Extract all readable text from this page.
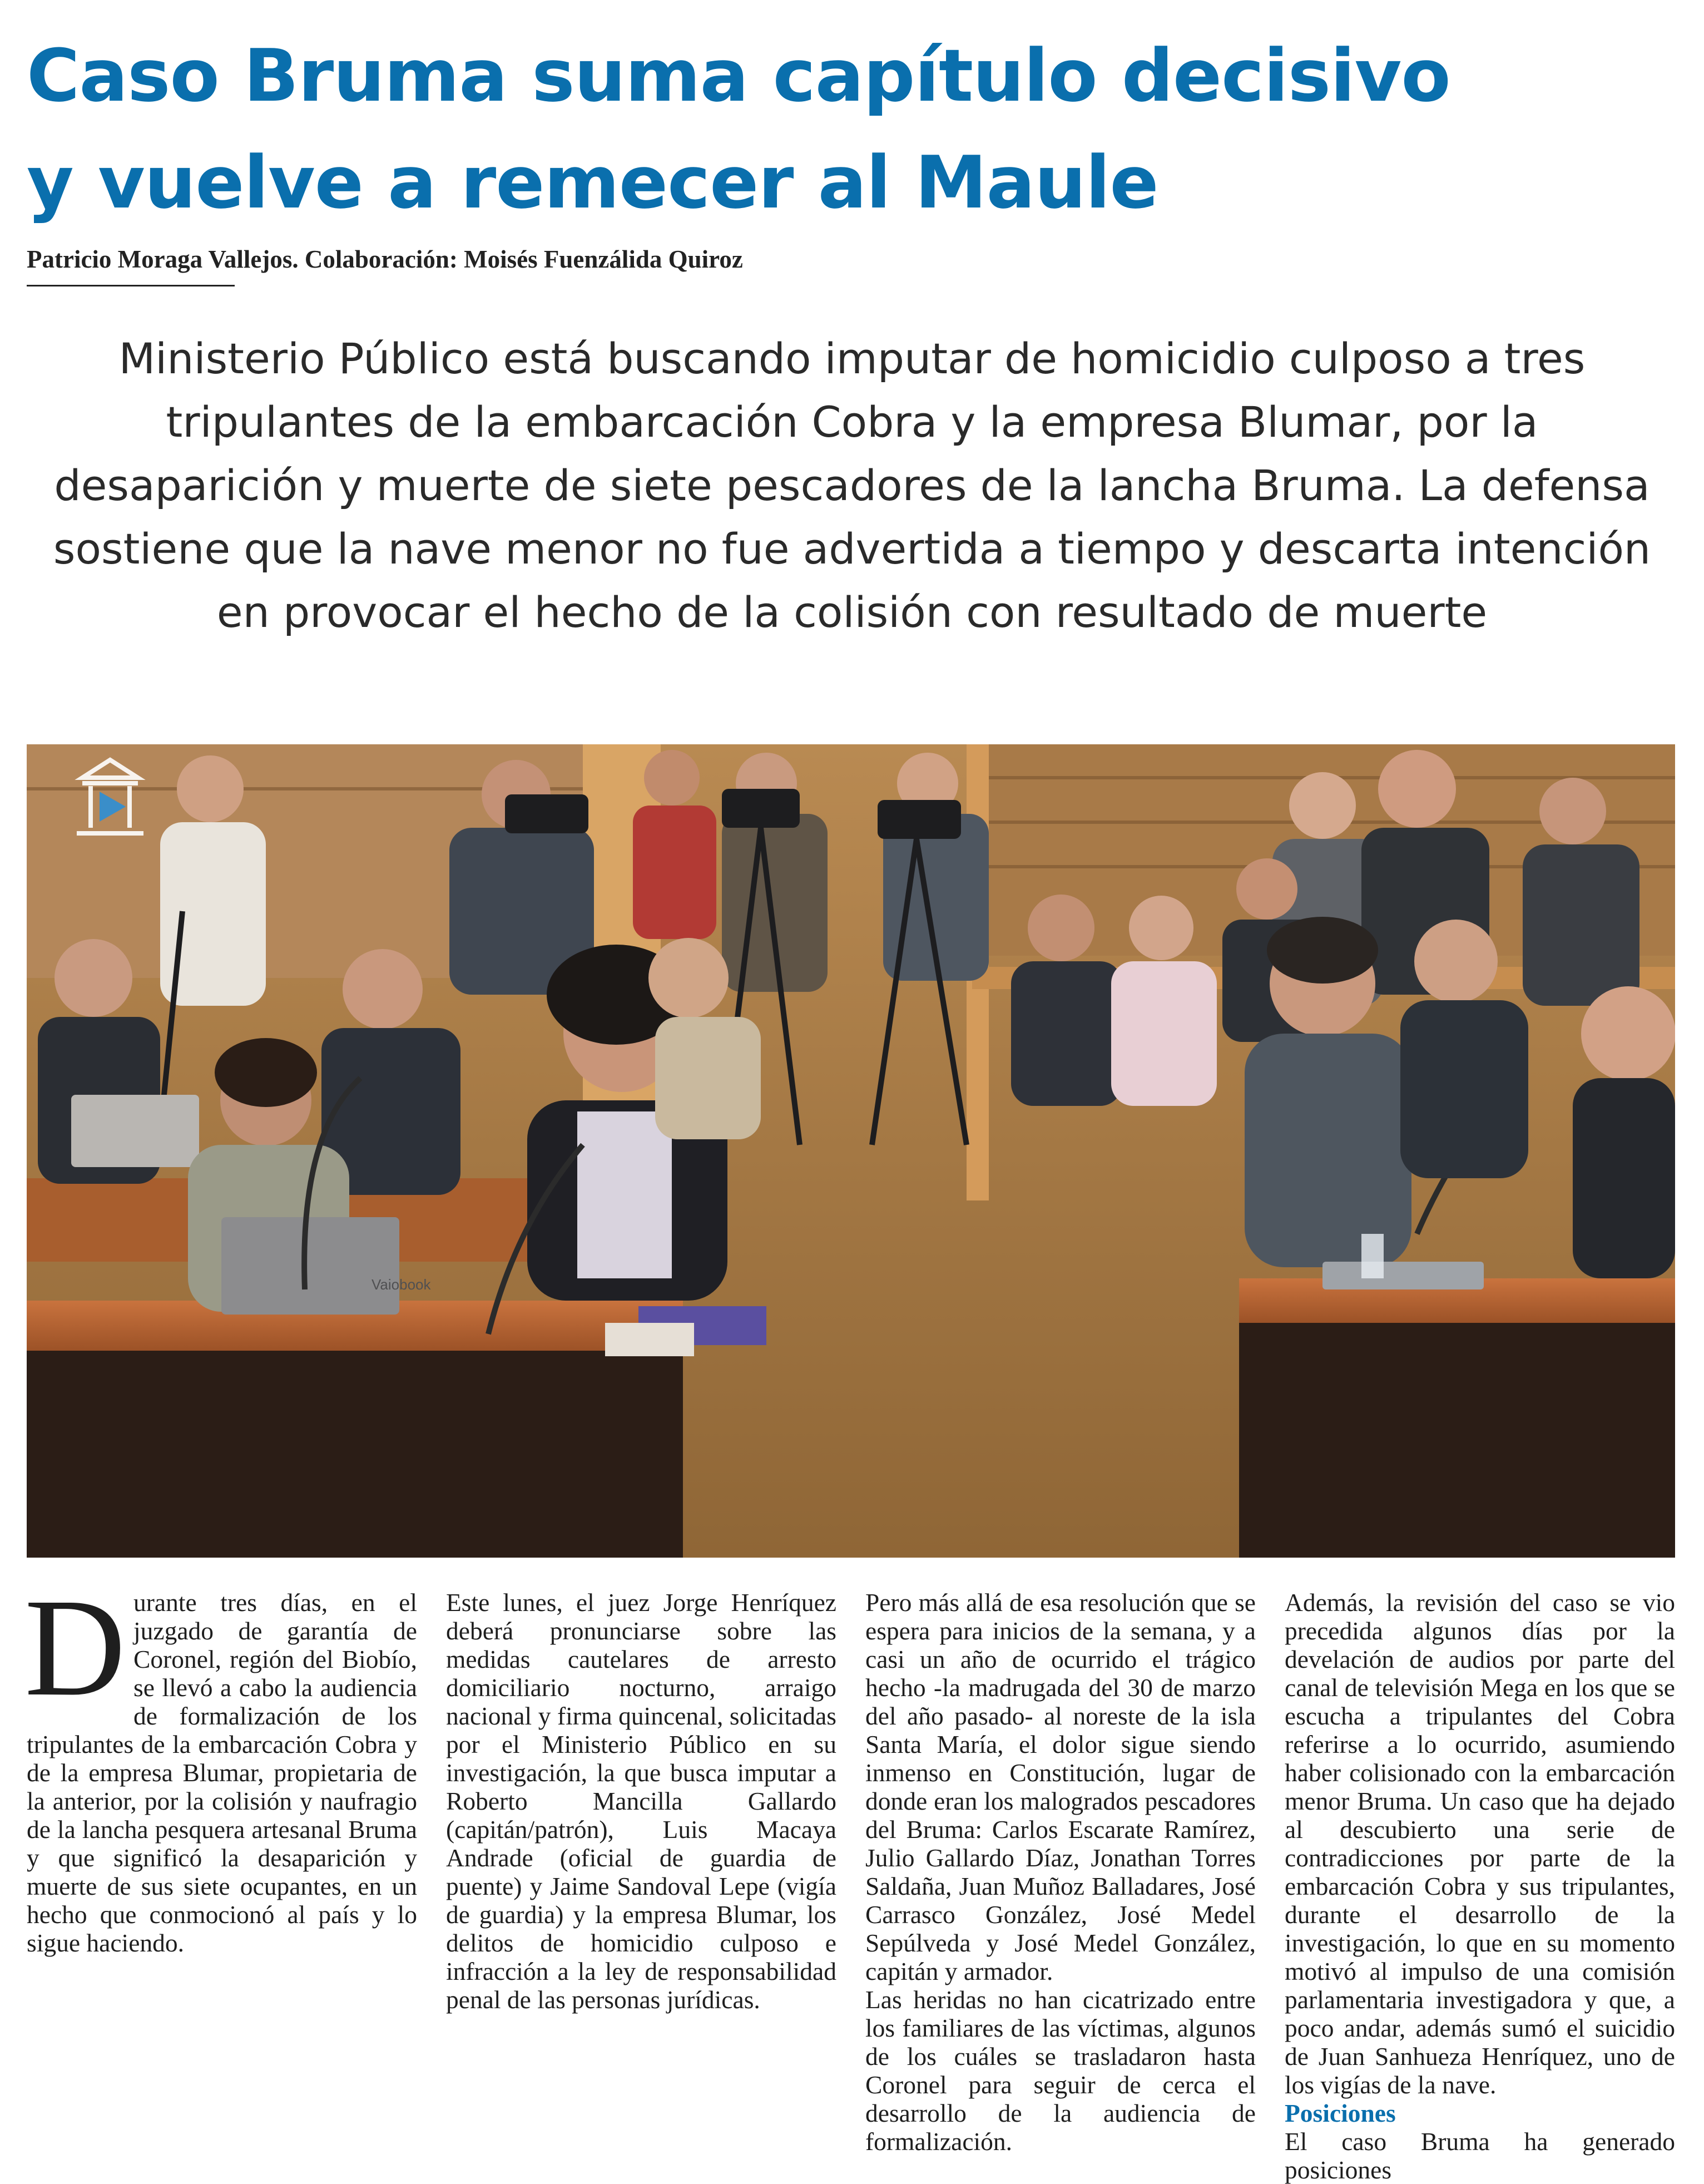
Caso Bruma suma capítulo decisivo
y vuelve a remecer al Maule

Patricio Moraga Vallejos. Colaboración: Moisés Fuenzálida Quiroz

Ministerio Público está buscando imputar de homicidio culposo a tres tripulantes de la embarcación Cobra y la empresa Blumar, por la desaparición y muerte de siete pescadores de la lancha Bruma. La defensa sostiene que la nave menor no fue advertida a tiempo y descarta intención en provocar el hecho de la colisión con resultado de muerte

Vaiobook

Durante tres días, en el juzgado de garantía de Coronel, región del Biobío, se llevó a cabo la audiencia de formalización de los tripulantes de la embarcación Cobra y de la empresa Blumar, propietaria de la anterior, por la colisión y naufragio de la lancha pesquera artesanal Bruma y que significó la desaparición y muerte de sus siete ocupantes, en un hecho que conmocionó al país y lo sigue haciendo.

Este lunes, el juez Jorge Henríquez deberá pronunciarse sobre las medidas cautelares de arresto domiciliario nocturno, arraigo nacional y firma quincenal, solicitadas por el Ministerio Público en su investigación, la que busca imputar a Roberto Mancilla Gallardo (capitán/patrón), Luis Macaya Andrade (oficial de guardia de puente) y Jaime Sandoval Lepe (vigía de guardia) y la empresa Blumar, los delitos de homicidio culposo e infracción a la ley de responsabilidad penal de las personas jurídicas.

Pero más allá de esa resolución que se espera para inicios de la semana, y a casi un año de ocurrido el trágico hecho -la madrugada del 30 de marzo del año pasado- al noreste de la isla Santa María, el dolor sigue siendo inmenso en Constitución, lugar de donde eran los malogrados pescadores del Bruma: Carlos Escarate Ramírez, Julio Gallardo Díaz, Jonathan Torres Saldaña, Juan Muñoz Balladares, José Carrasco González, José Medel Sepúlveda y José Medel González, capitán y armador.

Las heridas no han cicatrizado entre los familiares de las víctimas, algunos de los cuáles se trasladaron hasta Coronel para seguir de cerca el desarrollo de la audiencia de formalización.

Además, la revisión del caso se vio precedida algunos días por la develación de audios por parte del canal de televisión Mega en los que se escucha a tripulantes del Cobra referirse a lo ocurrido, asumiendo haber colisionado con la embarcación menor Bruma. Un caso que ha dejado al descubierto una serie de contradicciones por parte de la embarcación Cobra y sus tripulantes, durante el desarrollo de la investigación, lo que en su momento motivó al impulso de una comisión parlamentaria investigadora y que, a poco andar, además sumó el suicidio de Juan Sanhueza Henríquez, uno de los vigías de la nave.

Posiciones

El caso Bruma ha generado posiciones
